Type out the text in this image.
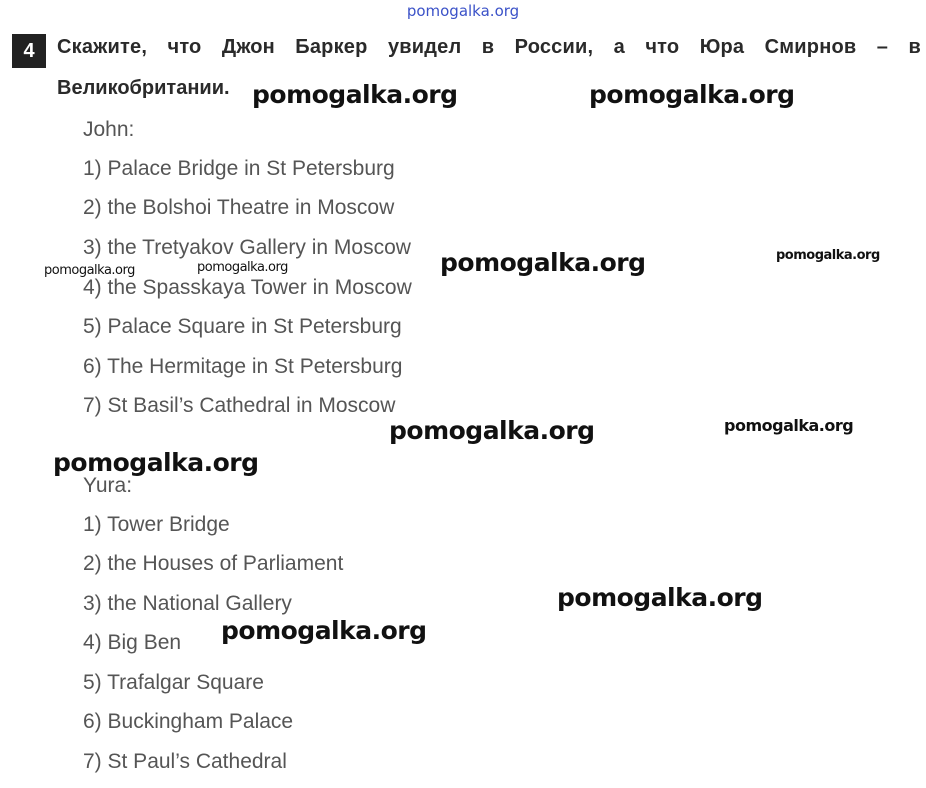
pomogalka.org
4	Скажите, что Джон Баркер увидел в России, а что Юра Смирнов – в
Великобритании.
John:
1) Palace Bridge in St Petersburg
2) the Bolshoi Theatre in Moscow
3) the Tretyakov Gallery in Moscow
4) the Spasskaya Tower in Moscow
5) Palace Square in St Petersburg
6) The Hermitage in St Petersburg
7) St Basil’s Cathedral in Moscow
Yura:
1) Tower Bridge
2) the Houses of Parliament
3) the National Gallery
4) Big Ben
5) Trafalgar Square
6) Buckingham Palace
7) St Paul’s Cathedral
pomogalka.org	pomogalka.org
pomogalka.org
pomogalka.org	pomogalka.org
pomogalka.org
pomogalka.org	pomogalka.org
pomogalka.org
pomogalka.org
pomogalka.org
